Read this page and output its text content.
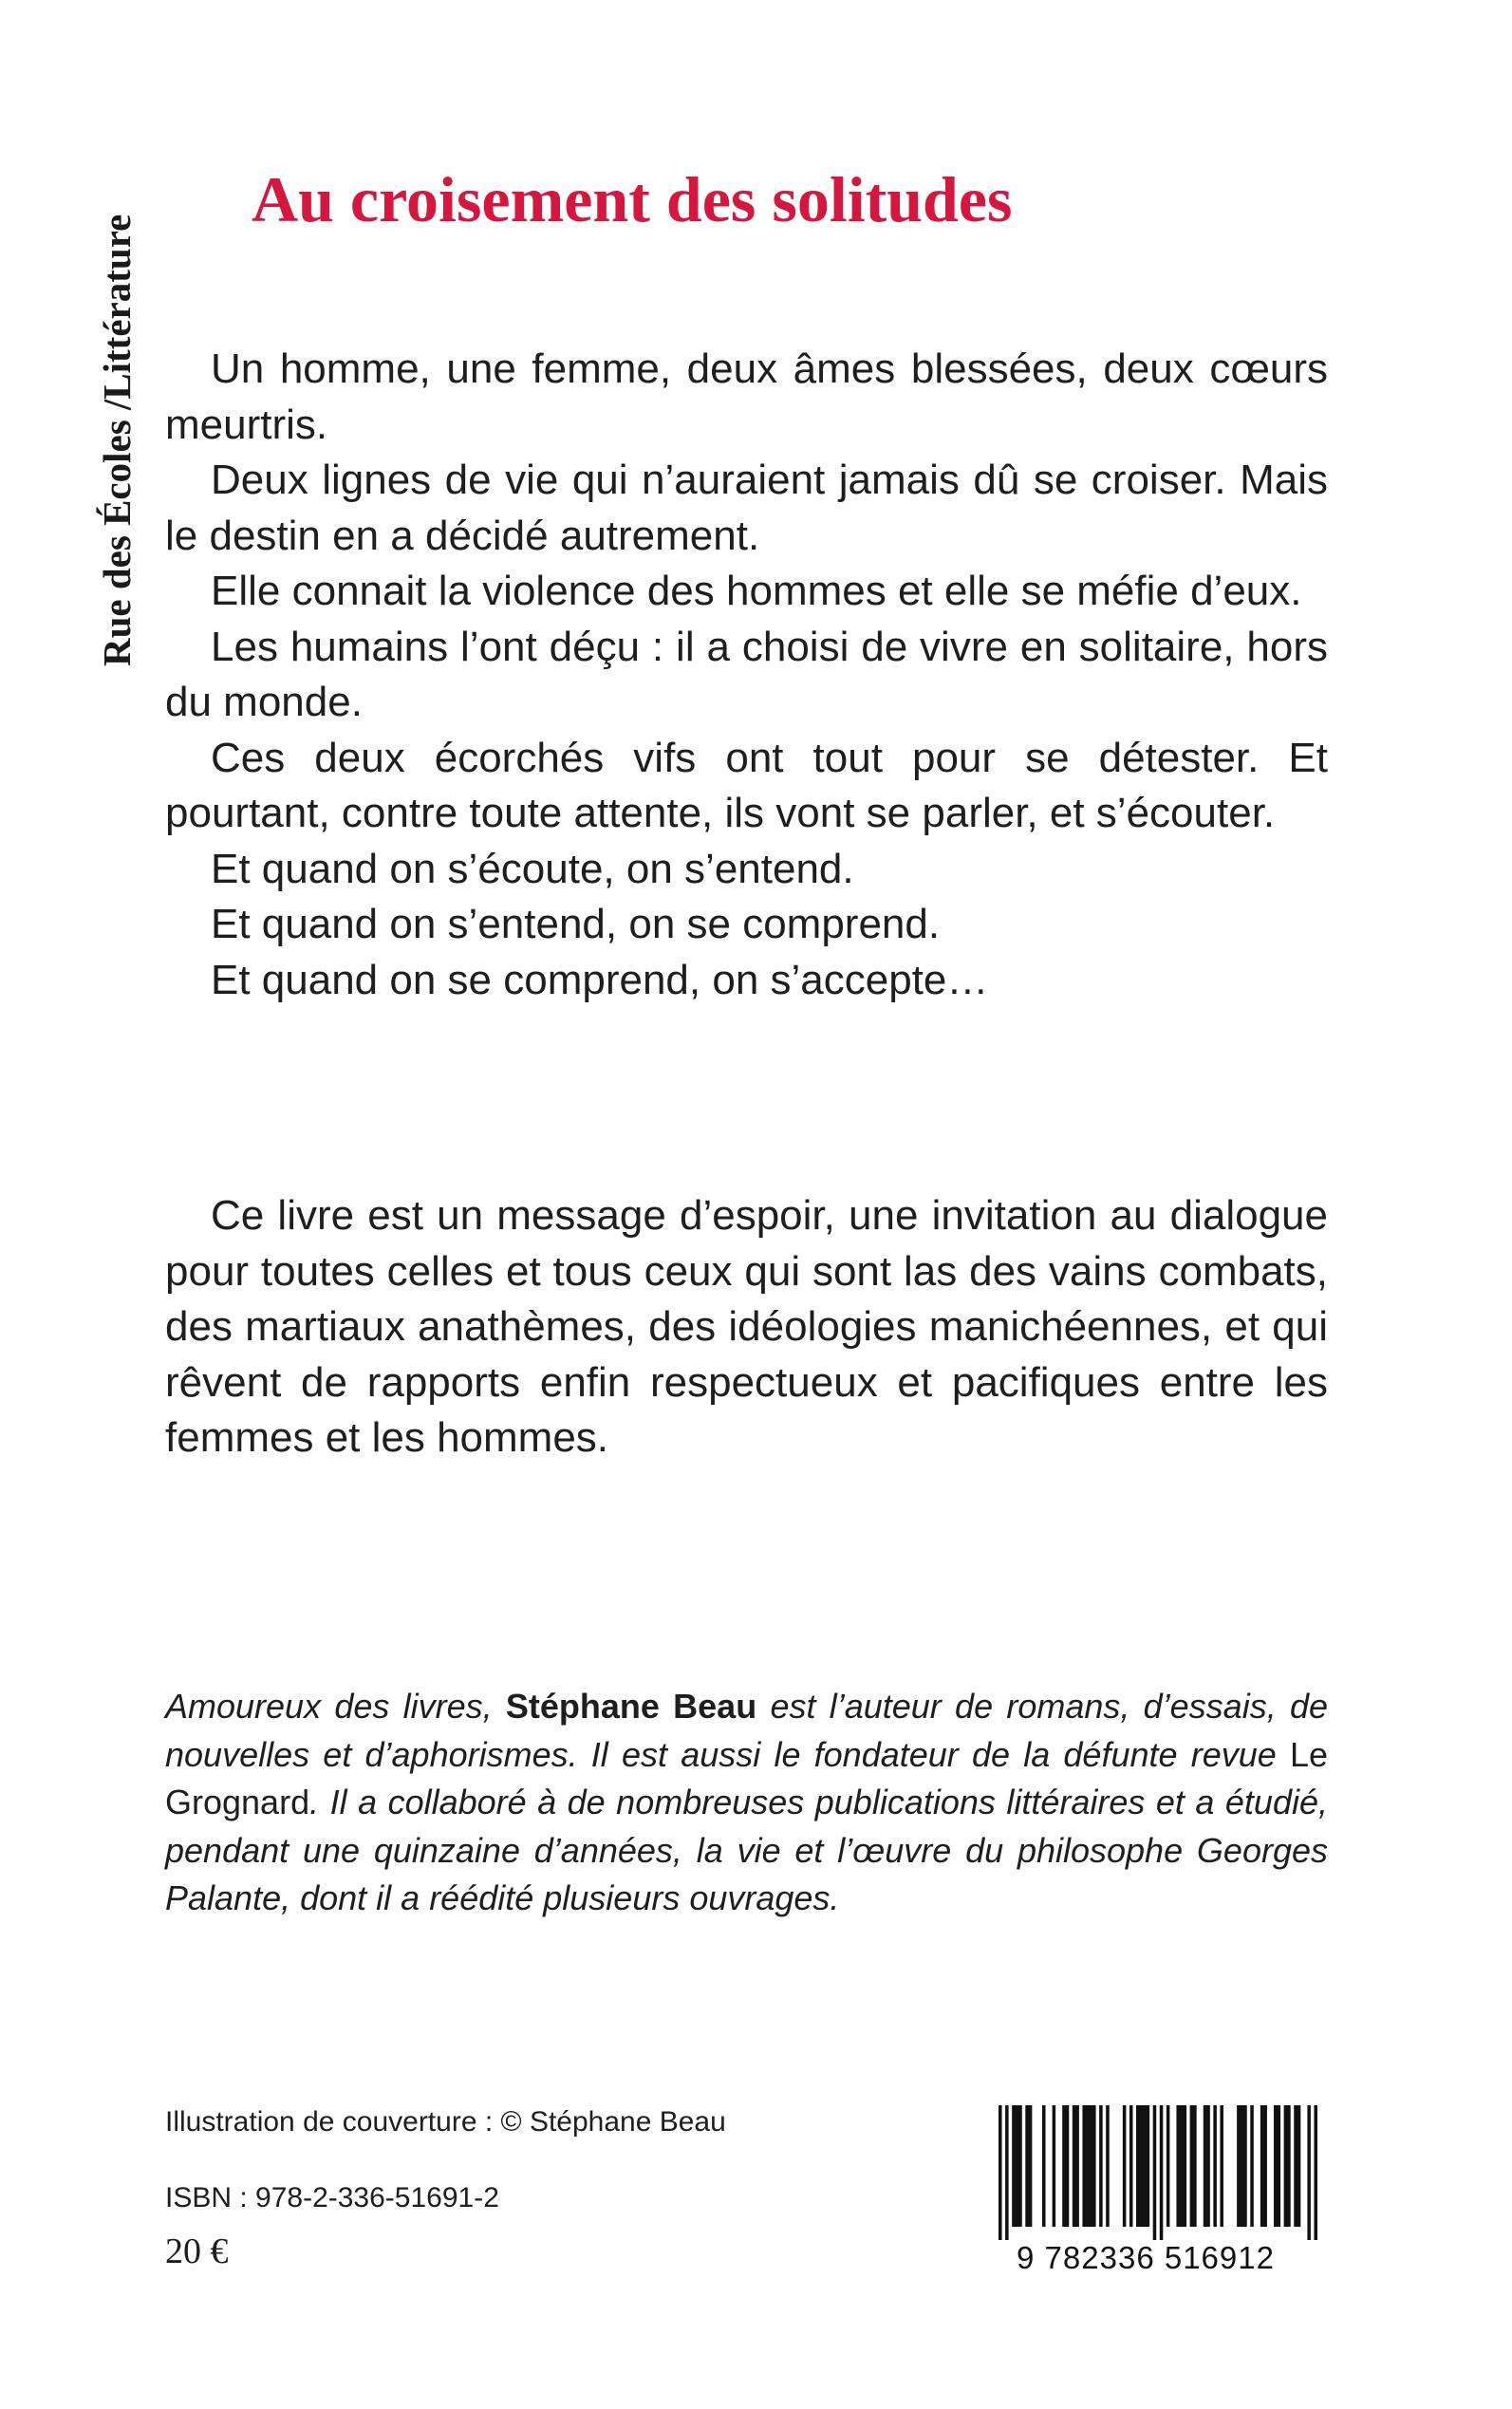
Rue des Écoles /Littérature
Au croisement des solitudes

Un homme, une femme, deux âmes blessées, deux cœurs meurtris.

Deux lignes de vie qui n’auraient jamais dû se croiser. Mais le destin en a décidé autrement.

Elle connait la violence des hommes et elle se méfie d’eux.

Les humains l’ont déçu : il a choisi de vivre en solitaire, hors du monde.

Ces deux écorchés vifs ont tout pour se détester. Et pourtant, contre toute attente, ils vont se parler, et s’écouter.

Et quand on s’écoute, on s’entend.

Et quand on s’entend, on se comprend.

Et quand on se comprend, on s’accepte…

Ce livre est un message d’espoir, une invitation au dialogue pour toutes celles et tous ceux qui sont las des vains combats, des martiaux anathèmes, des idéologies manichéennes, et qui rêvent de rapports enfin respectueux et pacifiques entre les femmes et les hommes.

Amoureux des livres, Stéphane Beau est l’auteur de romans, d’essais, de nouvelles et d’aphorismes. Il est aussi le fondateur de la défunte revue Le Grognard. Il a collaboré à de nombreuses publications littéraires et a étudié, pendant une quinzaine d’années, la vie et l’œuvre du philosophe Georges Palante, dont il a réédité plusieurs ouvrages.

Illustration de couverture : © Stéphane Beau
ISBN : 978-2-336-51691-2
20 €	9 782336 516912
